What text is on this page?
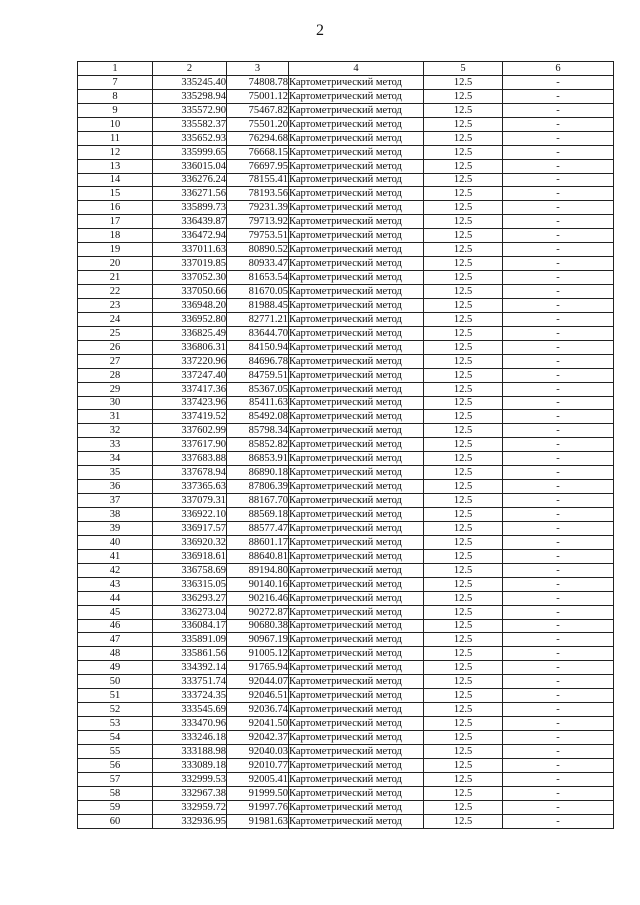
2
1	2	3	4	5	6
7	335245.40	74808.78	Картометрический метод	12.5	-
8	335298.94	75001.12	Картометрический метод	12.5	-
9	335572.90	75467.82	Картометрический метод	12.5	-
10	335582.37	75501.20	Картометрический метод	12.5	-
11	335652.93	76294.68	Картометрический метод	12.5	-
12	335999.65	76668.15	Картометрический метод	12.5	-
13	336015.04	76697.95	Картометрический метод	12.5	-
14	336276.24	78155.41	Картометрический метод	12.5	-
15	336271.56	78193.56	Картометрический метод	12.5	-
16	335899.73	79231.39	Картометрический метод	12.5	-
17	336439.87	79713.92	Картометрический метод	12.5	-
18	336472.94	79753.51	Картометрический метод	12.5	-
19	337011.63	80890.52	Картометрический метод	12.5	-
20	337019.85	80933.47	Картометрический метод	12.5	-
21	337052.30	81653.54	Картометрический метод	12.5	-
22	337050.66	81670.05	Картометрический метод	12.5	-
23	336948.20	81988.45	Картометрический метод	12.5	-
24	336952.80	82771.21	Картометрический метод	12.5	-
25	336825.49	83644.70	Картометрический метод	12.5	-
26	336806.31	84150.94	Картометрический метод	12.5	-
27	337220.96	84696.78	Картометрический метод	12.5	-
28	337247.40	84759.51	Картометрический метод	12.5	-
29	337417.36	85367.05	Картометрический метод	12.5	-
30	337423.96	85411.63	Картометрический метод	12.5	-
31	337419.52	85492.08	Картометрический метод	12.5	-
32	337602.99	85798.34	Картометрический метод	12.5	-
33	337617.90	85852.82	Картометрический метод	12.5	-
34	337683.88	86853.91	Картометрический метод	12.5	-
35	337678.94	86890.18	Картометрический метод	12.5	-
36	337365.63	87806.39	Картометрический метод	12.5	-
37	337079.31	88167.70	Картометрический метод	12.5	-
38	336922.10	88569.18	Картометрический метод	12.5	-
39	336917.57	88577.47	Картометрический метод	12.5	-
40	336920.32	88601.17	Картометрический метод	12.5	-
41	336918.61	88640.81	Картометрический метод	12.5	-
42	336758.69	89194.80	Картометрический метод	12.5	-
43	336315.05	90140.16	Картометрический метод	12.5	-
44	336293.27	90216.46	Картометрический метод	12.5	-
45	336273.04	90272.87	Картометрический метод	12.5	-
46	336084.17	90680.38	Картометрический метод	12.5	-
47	335891.09	90967.19	Картометрический метод	12.5	-
48	335861.56	91005.12	Картометрический метод	12.5	-
49	334392.14	91765.94	Картометрический метод	12.5	-
50	333751.74	92044.07	Картометрический метод	12.5	-
51	333724.35	92046.51	Картометрический метод	12.5	-
52	333545.69	92036.74	Картометрический метод	12.5	-
53	333470.96	92041.50	Картометрический метод	12.5	-
54	333246.18	92042.37	Картометрический метод	12.5	-
55	333188.98	92040.03	Картометрический метод	12.5	-
56	333089.18	92010.77	Картометрический метод	12.5	-
57	332999.53	92005.41	Картометрический метод	12.5	-
58	332967.38	91999.50	Картометрический метод	12.5	-
59	332959.72	91997.76	Картометрический метод	12.5	-
60	332936.95	91981.63	Картометрический метод	12.5	-
